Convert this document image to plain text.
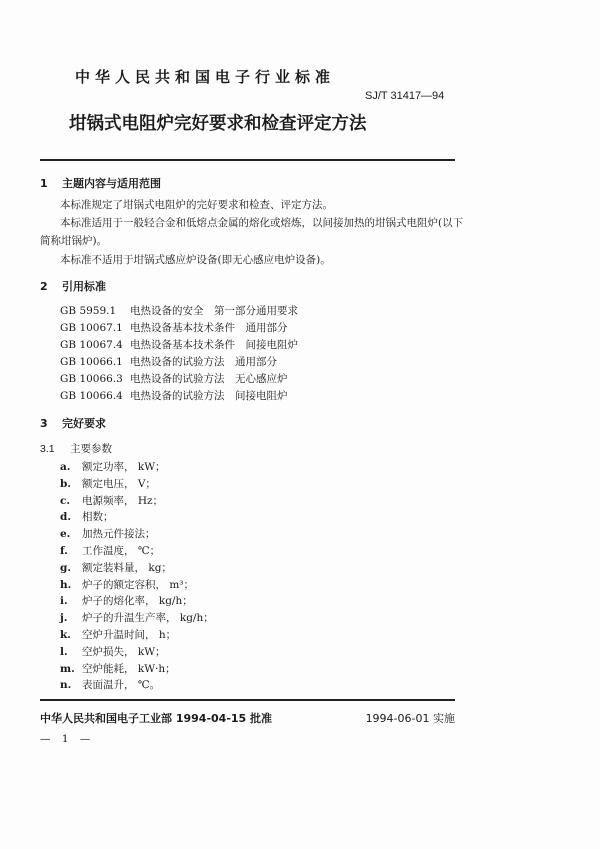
中华人民共和国电子行业标准
SJ/T 31417—94
坩锅式电阻炉完好要求和检查评定方法
1 主题内容与适用范围
本标准规定了坩锅式电阻炉的完好要求和检查、评定方法。
本标准适用于一般轻合金和低熔点金属的熔化或熔炼，以间接加热的坩锅式电阻炉(以下
简称坩锅炉)。
本标准不适用于坩锅式感应炉设备(即无心感应电炉设备)。
2 引用标准
GB 5959.1 电热设备的安全　第一部分通用要求
GB 10067.1 电热设备基本技术条件　通用部分
GB 10067.4 电热设备基本技术条件　间接电阻炉
GB 10066.1 电热设备的试验方法　通用部分
GB 10066.3 电热设备的试验方法　无心感应炉
GB 10066.4 电热设备的试验方法　间接电阻炉
3 完好要求
3.1 主要参数
a. 额定功率， kW；
b. 额定电压， V；
c. 电源频率， Hz；
d. 相数；
e. 加热元件接法；
f. 工作温度， ℃；
g. 额定装料量， kg；
h. 炉子的额定容积， m³；
i. 炉子的熔化率， kg/h；
j. 炉子的升温生产率， kg/h；
k. 空炉升温时间， h；
l. 空炉损失， kW；
m. 空炉能耗， kW·h；
n. 表面温升， ℃。
中华人民共和国电子工业部 1994-04-15 批准	1994-06-01 实施
— 1 —
